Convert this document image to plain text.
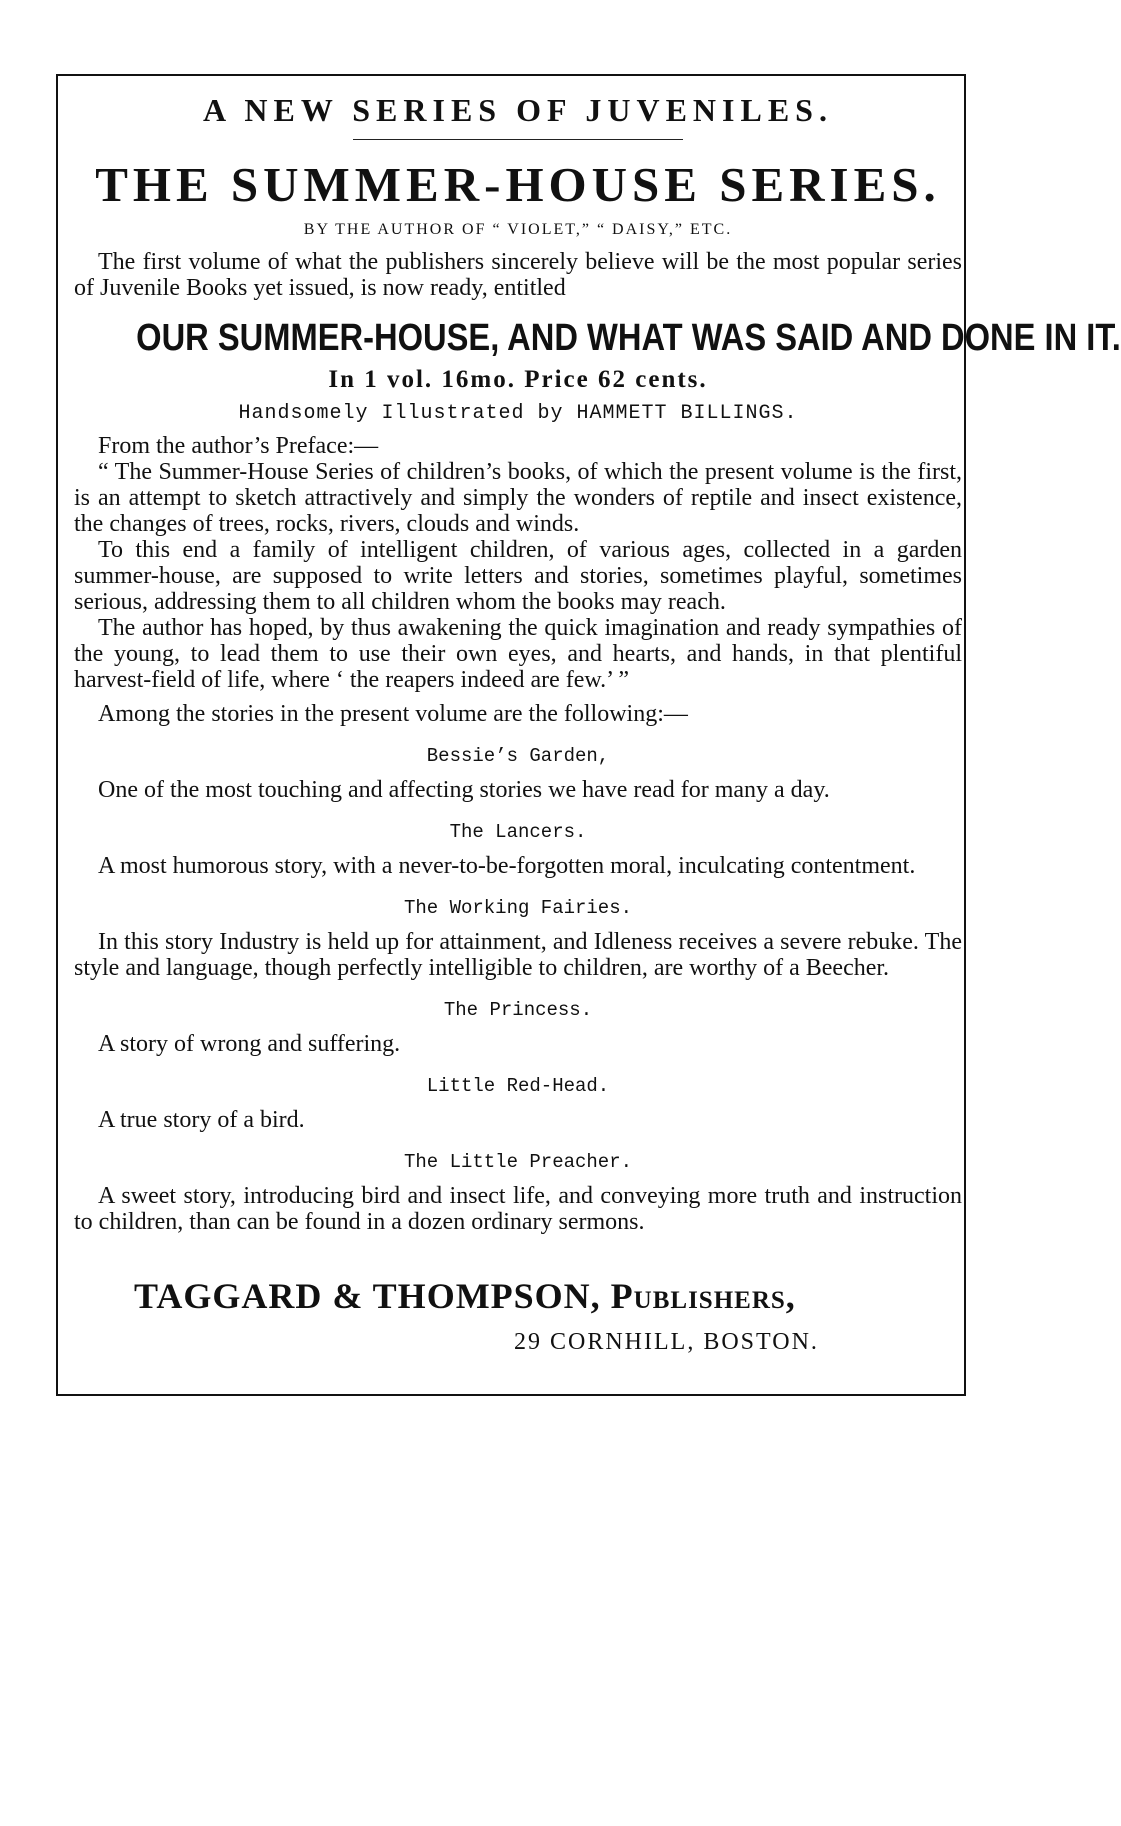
A NEW SERIES OF JUVENILES.
THE SUMMER-HOUSE SERIES.
BY THE AUTHOR OF “ VIOLET,” “ DAISY,” ETC.

The first volume of what the publishers sincerely believe will be the most popular series of Juvenile Books yet issued, is now ready, entitled

OUR SUMMER-HOUSE, AND WHAT WAS SAID AND DONE IN IT.
In 1 vol. 16mo. Price 62 cents.
Handsomely Illustrated by HAMMETT BILLINGS.

From the author’s Preface:—

“ The Summer-House Series of children’s books, of which the present volume is the first, is an attempt to sketch attractively and simply the wonders of reptile and insect existence, the changes of trees, rocks, rivers, clouds and winds.

To this end a family of intelligent children, of various ages, collected in a garden summer-house, are supposed to write letters and stories, sometimes playful, sometimes serious, addressing them to all children whom the books may reach.

The author has hoped, by thus awakening the quick imagination and ready sympathies of the young, to lead them to use their own eyes, and hearts, and hands, in that plentiful harvest-field of life, where ‘ the reapers indeed are few.’ ”

Among the stories in the present volume are the following:—

Bessie’s Garden,

One of the most touching and affecting stories we have read for many a day.

The Lancers.

A most humorous story, with a never-to-be-forgotten moral, inculcating contentment.

The Working Fairies.

In this story Industry is held up for attainment, and Idleness receives a severe rebuke. The style and language, though perfectly intelligible to children, are worthy of a Beecher.

The Princess.

A story of wrong and suffering.

Little Red-Head.

A true story of a bird.

The Little Preacher.

A sweet story, introducing bird and insect life, and conveying more truth and instruction to children, than can be found in a dozen ordinary sermons.

TAGGARD & THOMPSON, Publishers,
29 CORNHILL, BOSTON.
